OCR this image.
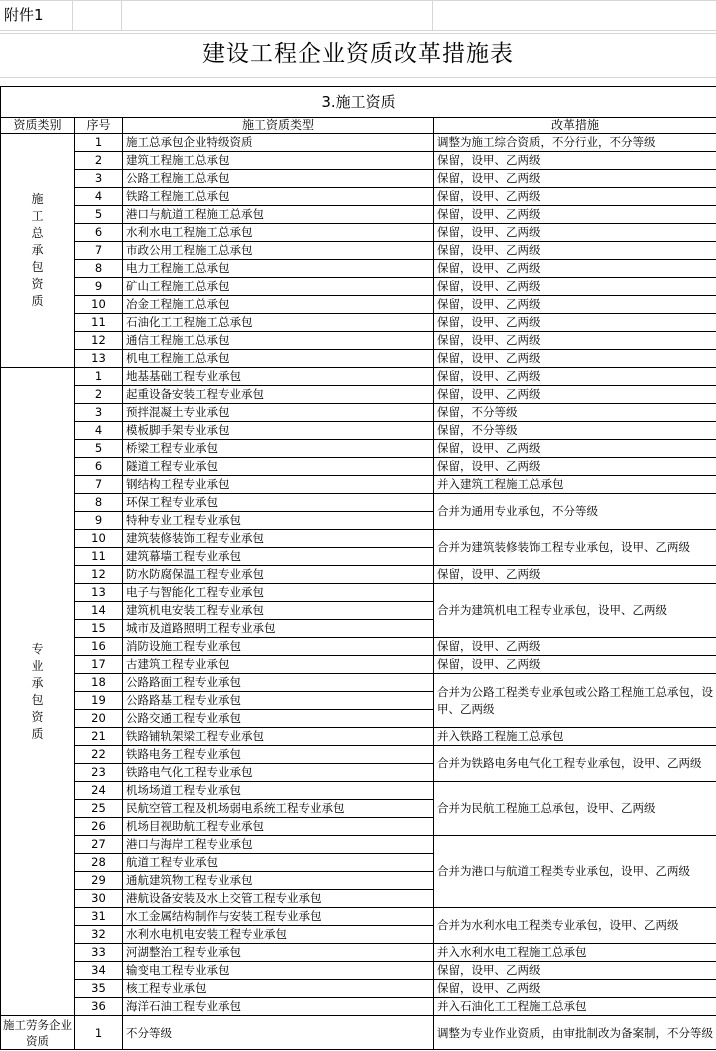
附件1
建设工程企业资质改革措施表
3.施工资质			
资质类别	序号	施工资质类型	改革措施
施工总承包资质	1	施工总承包企业特级资质	调整为施工综合资质，不分行业，不分等级
	2	建筑工程施工总承包	保留，设甲、乙两级
	3	公路工程施工总承包	保留，设甲、乙两级
	4	铁路工程施工总承包	保留，设甲、乙两级
	5	港口与航道工程施工总承包	保留，设甲、乙两级
	6	水利水电工程施工总承包	保留，设甲、乙两级
	7	市政公用工程施工总承包	保留，设甲、乙两级
	8	电力工程施工总承包	保留，设甲、乙两级
	9	矿山工程施工总承包	保留，设甲、乙两级
	10	冶金工程施工总承包	保留，设甲、乙两级
	11	石油化工工程施工总承包	保留，设甲、乙两级
	12	通信工程施工总承包	保留，设甲、乙两级
	13	机电工程施工总承包	保留，设甲、乙两级
专业承包资质	1	地基基础工程专业承包	保留，设甲、乙两级
	2	起重设备安装工程专业承包	保留，设甲、乙两级
	3	预拌混凝土专业承包	保留，不分等级
	4	模板脚手架专业承包	保留，不分等级
	5	桥梁工程专业承包	保留，设甲、乙两级
	6	隧道工程专业承包	保留，设甲、乙两级
	7	钢结构工程专业承包	并入建筑工程施工总承包
	8	环保工程专业承包	合并为通用专业承包，不分等级
	9	特种专业工程专业承包	
	10	建筑装修装饰工程专业承包	合并为建筑装修装饰工程专业承包，设甲、乙两级
	11	建筑幕墙工程专业承包	
	12	防水防腐保温工程专业承包	保留，设甲、乙两级
	13	电子与智能化工程专业承包	合并为建筑机电工程专业承包，设甲、乙两级
	14	建筑机电安装工程专业承包	
	15	城市及道路照明工程专业承包	
	16	消防设施工程专业承包	保留，设甲、乙两级
	17	古建筑工程专业承包	保留，设甲、乙两级
	18	公路路面工程专业承包	合并为公路工程类专业承包或公路工程施工总承包，设甲、乙两级
	19	公路路基工程专业承包	
	20	公路交通工程专业承包	
	21	铁路铺轨架梁工程专业承包	并入铁路工程施工总承包
	22	铁路电务工程专业承包	合并为铁路电务电气化工程专业承包，设甲、乙两级
	23	铁路电气化工程专业承包	
	24	机场场道工程专业承包	合并为民航工程施工总承包，设甲、乙两级
	25	民航空管工程及机场弱电系统工程专业承包	
	26	机场目视助航工程专业承包	
	27	港口与海岸工程专业承包	合并为港口与航道工程类专业承包，设甲、乙两级
	28	航道工程专业承包	
	29	通航建筑物工程专业承包	
	30	港航设备安装及水上交管工程专业承包	
	31	水工金属结构制作与安装工程专业承包	合并为水利水电工程类专业承包，设甲、乙两级
	32	水利水电机电安装工程专业承包	
	33	河湖整治工程专业承包	并入水利水电工程施工总承包
	34	输变电工程专业承包	保留，设甲、乙两级
	35	核工程专业承包	保留，设甲、乙两级
	36	海洋石油工程专业承包	并入石油化工工程施工总承包
施工劳务企业资质	1	不分等级	调整为专业作业资质，由审批制改为备案制，不分等级
